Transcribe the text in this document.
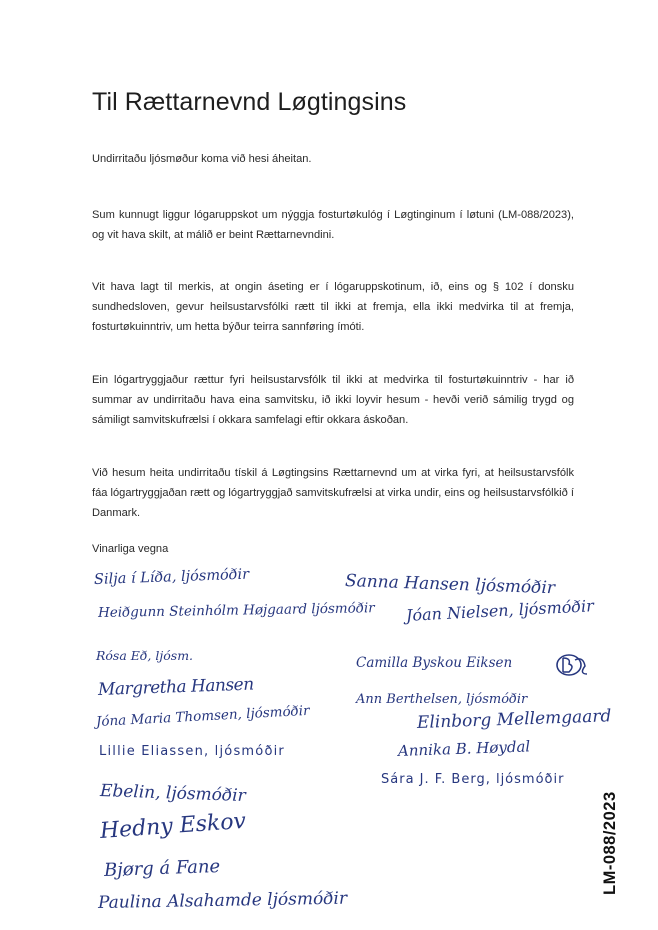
Til Rættarnevnd Løgtingsins

Undirritaðu ljósmøður koma við hesi áheitan.

Sum kunnugt liggur lógaruppskot um nýggja fosturtøkulóg í Løgtinginum í løtuni (LM-088/2023), og vit hava skilt, at málið er beint Rættarnevndini.

Vit hava lagt til merkis, at ongin áseting er í lógaruppskotinum, ið, eins og § 102 í donsku sundhedsloven, gevur heilsustarvsfólki rætt til ikki at fremja, ella ikki medvirka til at fremja, fosturtøkuinntriv, um hetta býður teirra sannføring ímóti.

Ein lógartryggjaður rættur fyri heilsustarvsfólk til ikki at medvirka til fosturtøkuinntriv - har ið summar av undirritaðu hava eina samvitsku, ið ikki loyvir hesum - hevði verið sámilig trygd og sámiligt samvitskufrælsi í okkara samfelagi eftir okkara áskoðan.

Við hesum heita undirritaðu tískil á Løgtingsins Rættarnevnd um at virka fyri, at heilsustarvsfólk fáa lógartryggjaðan rætt og lógartryggjað samvitskufrælsi at virka undir, eins og heilsustarvsfólkið í Danmark.

Vinarliga vegna
Silja í Líða, ljósmóðir	Sanna Hansen ljósmóðir
Heiðgunn Steinhólm Højgaard ljósmóðir Jóan Nielsen, ljósmóðir
Rósa Eð, ljósm.	Camilla Byskou Eiksen
Margretha Hansen	Ann Berthelsen, ljósmóðir
Jóna Maria Thomsen, ljósmóðir	Elinborg Mellemgaard
Lillie Eliassen, ljósmóðir	Annika B. Høydal
Sára J. F. Berg, ljósmóðir
Ebelin, ljósmóðir
Hedny Eskov
Bjørg á Fane
Paulina Alsahamde ljósmóðir
LM-088/2023
